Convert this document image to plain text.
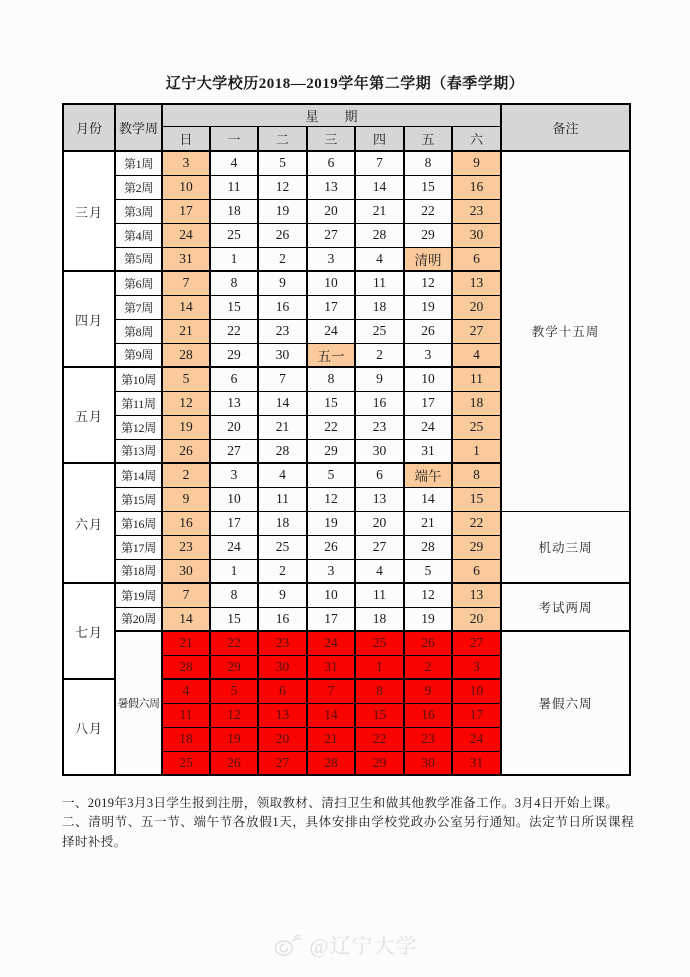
辽宁大学校历2018—2019学年第二学期（春季学期）
月份	教学周	星　　期							备注
		日	一	二	三	四	五	六	
三月	第1周	3	4	5	6	7	8	9	教学十五周
	第2周	10	11	12	13	14	15	16	
	第3周	17	18	19	20	21	22	23	
	第4周	24	25	26	27	28	29	30	
	第5周	31	1	2	3	4	清明	6	
四月	第6周	7	8	9	10	11	12	13	
	第7周	14	15	16	17	18	19	20	
	第8周	21	22	23	24	25	26	27	
	第9周	28	29	30	五一	2	3	4	
五月	第10周	5	6	7	8	9	10	11	
	第11周	12	13	14	15	16	17	18	
	第12周	19	20	21	22	23	24	25	
	第13周	26	27	28	29	30	31	1	
六月	第14周	2	3	4	5	6	端午	8	
	第15周	9	10	11	12	13	14	15	
	第16周	16	17	18	19	20	21	22	机动三周
	第17周	23	24	25	26	27	28	29	
	第18周	30	1	2	3	4	5	6	
七月	第19周	7	8	9	10	11	12	13	考试两周
	第20周	14	15	16	17	18	19	20	
	暑假六周	21	22	23	24	25	26	27	暑假六周
		28	29	30	31	1	2	3	
八月		4	5	6	7	8	9	10	
		11	12	13	14	15	16	17	
		18	19	20	21	22	23	24	
		25	26	27	28	29	30	31	

一、2019年3月3日学生报到注册，领取教材、清扫卫生和做其他教学准备工作。3月4日开始上课。

二、清明节、五一节、端午节各放假1天，具体安排由学校党政办公室另行通知。法定节日所误课程择时补授。

@辽宁大学
